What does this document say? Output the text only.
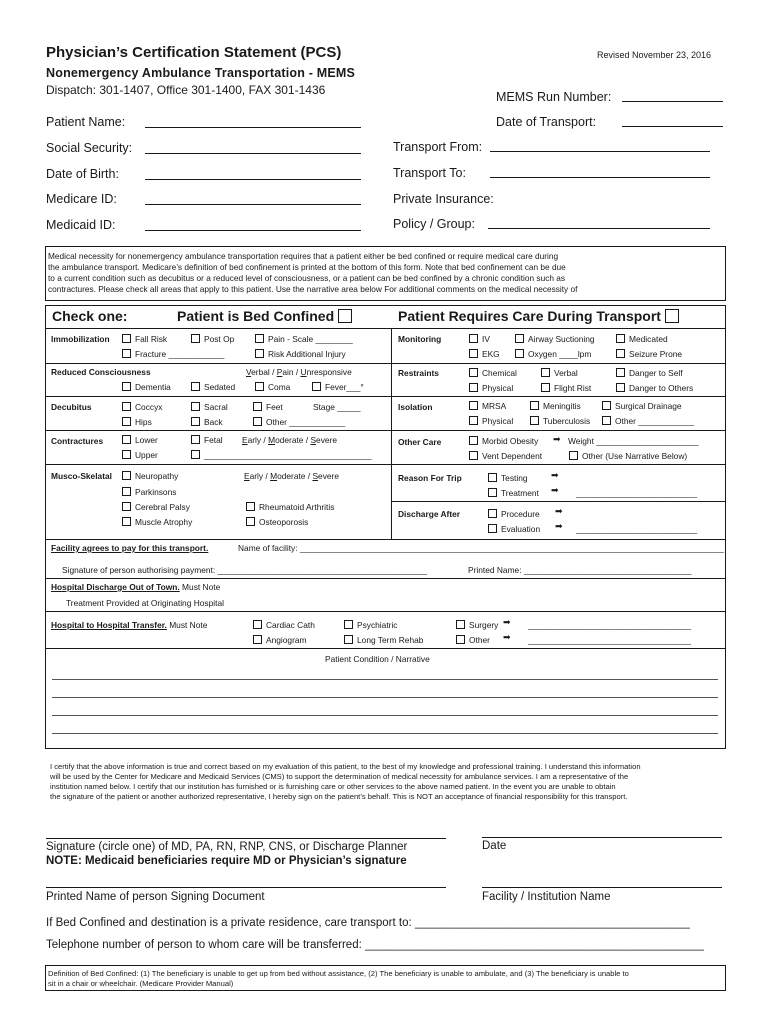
Physician’s Certification Statement (PCS)	Revised November 23, 2016
Nonemergency Ambulance Transportation - MEMS
Dispatch: 301-1407, Office 301-1400, FAX 301-1436	MEMS Run Number:
Patient Name:
Social Security:
Date of Birth:
Medicare ID:
Medicaid ID:
Date of Transport:
Transport From:
Transport To:
Private Insurance:
Policy / Group:
Medical necessity for nonemergency ambulance transportation requires that a patient either be bed confined or require medical care during
the ambulance transport. Medicare’s definition of bed confinement is printed at the bottom of this form. Note that bed confinement can be due
to a current condition such as decubitus or a reduced level of consciousness, or a patient can be bed confined by a chronic condition such as
contractures. Please check all areas that apply to this patient. Use the narrative area below For additional comments on the medical necessity of
Check one:	Patient is Bed Confined	Patient Requires Care During Transport
Immobilization	Fall Risk	Post Op	Pain - Scale ________
Fracture ____________	Risk Additional Injury
Reduced Consciousness	Verbal / Pain / Unresponsive
Dementia	Sedated	Coma	Fever___°
Decubitus	Coccyx	Sacral	Feet	Stage _____
Hips	Back	Other ____________
Contractures	Lower	Fetal Early / Moderate / Severe
Upper	____________________________________
Musco-Skelatal	Neuropathy	Early / Moderate / Severe
Parkinsons
Cerebral Palsy	Rheumatoid Arthritis
Muscle Atrophy	Osteoporosis
Monitoring	IV	Airway Suctioning	Medicated
EKG	Oxygen ____lpm	Seizure Prone
Restraints	Chemical	Verbal	Danger to Self
Physical	Flight Rist	Danger to Others
Isolation	MRSA	Meningitis	Surgical Drainage
Physical	Tuberculosis	Other ____________
Other Care	Morbid Obesity ➡ Weight ______________________
Vent Dependent	Other (Use Narrative Below)
Reason For Trip	Testing	➡
Treatment ➡ __________________________
Discharge After	Procedure ➡
Evaluation ➡ __________________________
Facility agrees to pay for this transport.	Name of facility: ___________________________________________________________________________________________
Signature of person authorising payment: _____________________________________________	Printed Name: ____________________________________
Hospital Discharge Out of Town. Must Note
Treatment Provided at Originating Hospital
Hospital to Hospital Transfer. Must Note	Cardiac Cath	Psychiatric	Surgery ➡ ___________________________________
Angiogram	Long Term Rehab	Other ➡ ___________________________________
Patient Condition / Narrative
I certify that the above information is true and correct based on my evaluation of this patient, to the best of my knowledge and professional training. I understand this information
will be used by the Center for Medicare and Medicaid Services (CMS) to support the determination of medical necessity for ambulance services. I am a representative of the
institution named below. I certify that our institution has furnished or is furnishing care or other services to the above named patient. In the event you are unable to obtain
the signature of the patient or another authorized representative, I hereby sign on the patient’s behalf. This is NOT an acceptance of financial responsibility for this transport.
Signature (circle one) of MD, PA, RN, RNP, CNS, or Discharge Planner	Date
NOTE: Medicaid beneficiaries require MD or Physician’s signature
Printed Name of person Signing Document	Facility / Institution Name
If Bed Confined and destination is a private residence, care transport to: ___________________________________________
Telephone number of person to whom care will be transferred: _____________________________________________________
Definition of Bed Confined: (1) The beneficiary is unable to get up from bed without assistance, (2) The beneficiary is unable to ambulate, and (3) The beneficiary is unable to
sit in a chair or wheelchair. (Medicare Provider Manual)
